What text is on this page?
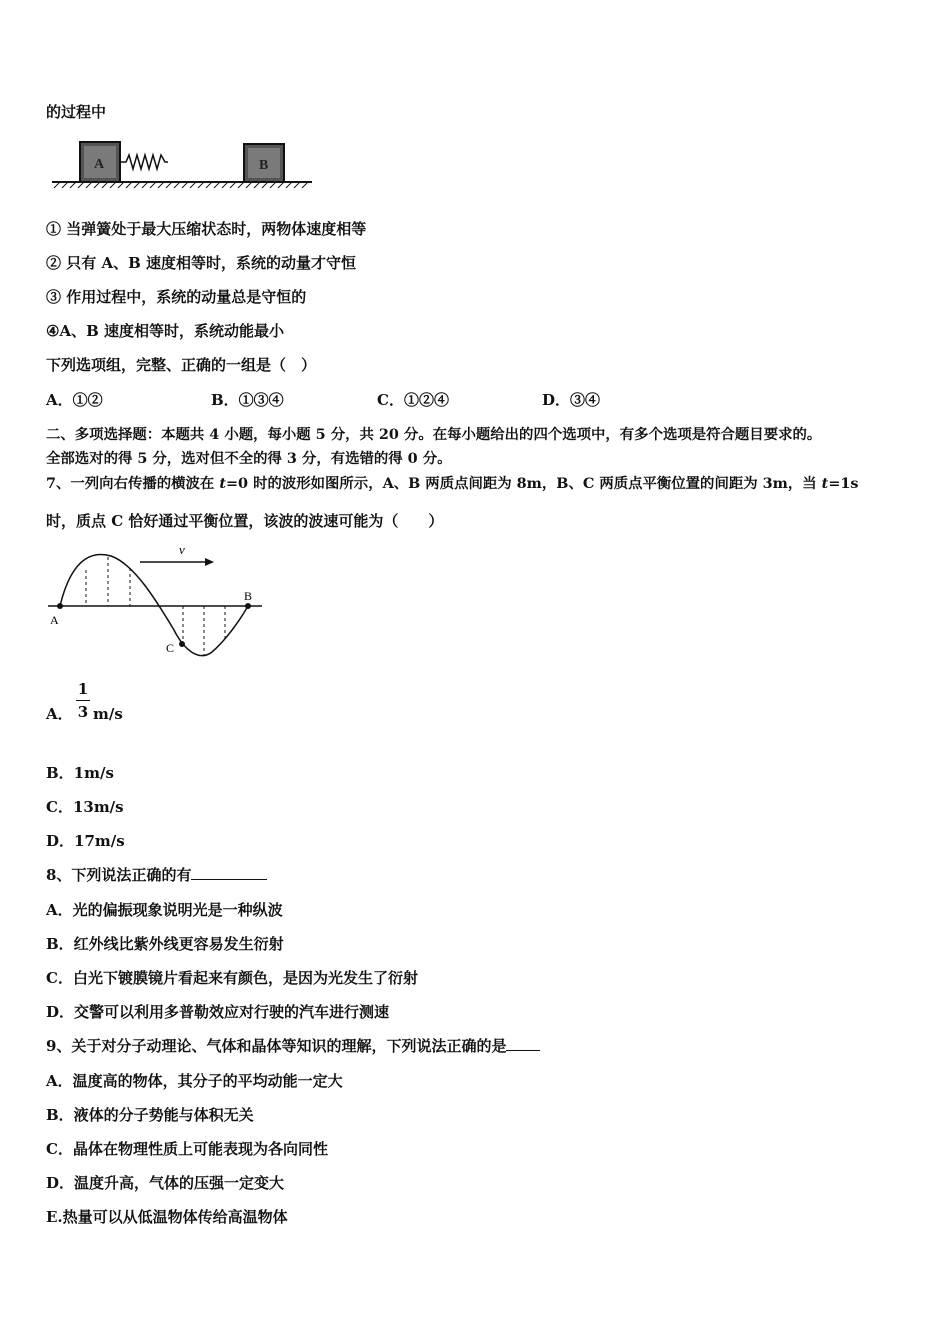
的过程中
A	B
① 当弹簧处于最大压缩状态时，两物体速度相等
② 只有 A、B 速度相等时，系统的动量才守恒
③ 作用过程中，系统的动量总是守恒的
④A、B 速度相等时，系统动能最小
下列选项组，完整、正确的一组是（　）
A．①②	B．①③④	C．①②④	D．③④
二、多项选择题：本题共 4 小题，每小题 5 分，共 20 分。在每小题给出的四个选项中，有多个选项是符合题目要求的。
全部选对的得 5 分，选对但不全的得 3 分，有选错的得 0 分。
7、一列向右传播的横波在 t=0 时的波形如图所示，A、B 两质点间距为 8m，B、C 两质点平衡位置的间距为 3m，当 t=1s
时，质点 C 恰好通过平衡位置，该波的波速可能为（　　）
v
A
B
C
A．
1
3 m/s
B．1m/s
C．13m/s
D．17m/s
8、下列说法正确的有
A．光的偏振现象说明光是一种纵波
B．红外线比紫外线更容易发生衍射
C．白光下镀膜镜片看起来有颜色，是因为光发生了衍射
D．交警可以利用多普勒效应对行驶的汽车进行测速
9、关于对分子动理论、气体和晶体等知识的理解，下列说法正确的是
A．温度高的物体，其分子的平均动能一定大
B．液体的分子势能与体积无关
C．晶体在物理性质上可能表现为各向同性
D．温度升高，气体的压强一定变大
E.热量可以从低温物体传给高温物体
